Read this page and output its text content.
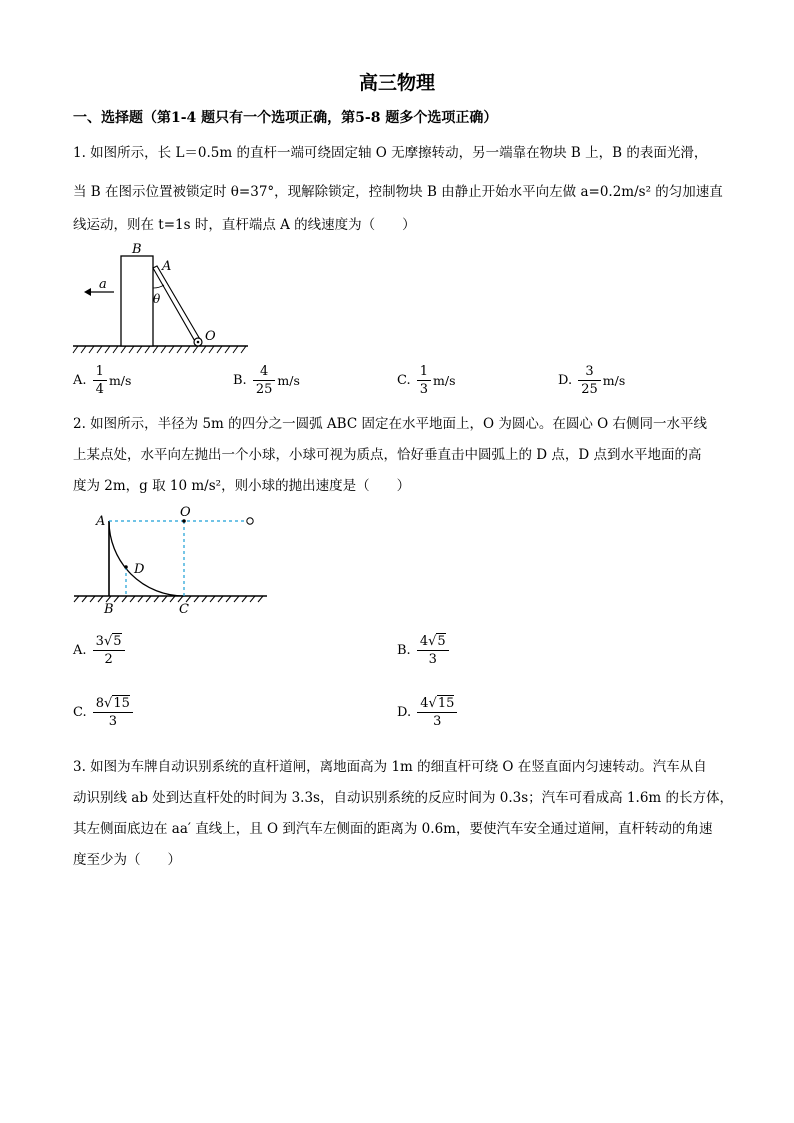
高三物理
一、选择题（第1-4 题只有一个选项正确，第5-8 题多个选项正确）
1. 如图所示，长 L＝0.5m 的直杆一端可绕固定轴 O 无摩擦转动，另一端靠在物块 B 上，B 的表面光滑，
当 B 在图示位置被锁定时 θ=37°，现解除锁定，控制物块 B 由静止开始水平向左做 a=0.2m/s² 的匀加速直
线运动，则在 t=1s 时，直杆端点 A 的线速度为（　　）
B
A
a
θ
O
A. $\frac{1}{4} m/s$	B. $\frac{4}{25} m/s$	C. $\frac{1}{3} m/s$	D. $\frac{3}{25} m/s$
2. 如图所示，半径为 5m 的四分之一圆弧 ABC 固定在水平地面上，O 为圆心。在圆心 O 右侧同一水平线
上某点处，水平向左抛出一个小球，小球可视为质点，恰好垂直击中圆弧上的 D 点，D 点到水平地面的高
度为 2m，g 取 10 m/s²，则小球的抛出速度是（　　）
A
O
D
B	C
A. $\frac{3√5}{2}$	B. $\frac{4√5}{3}$
C. $\frac{8√15}{3}$	D. $\frac{4√15}{3}$
3. 如图为车牌自动识别系统的直杆道闸，离地面高为 1m 的细直杆可绕 O 在竖直面内匀速转动。汽车从自
动识别线 ab 处到达直杆处的时间为 3.3s，自动识别系统的反应时间为 0.3s；汽车可看成高 1.6m 的长方体，
其左侧面底边在 aa′ 直线上，且 O 到汽车左侧面的距离为 0.6m，要使汽车安全通过道闸，直杆转动的角速
度至少为（　　）
